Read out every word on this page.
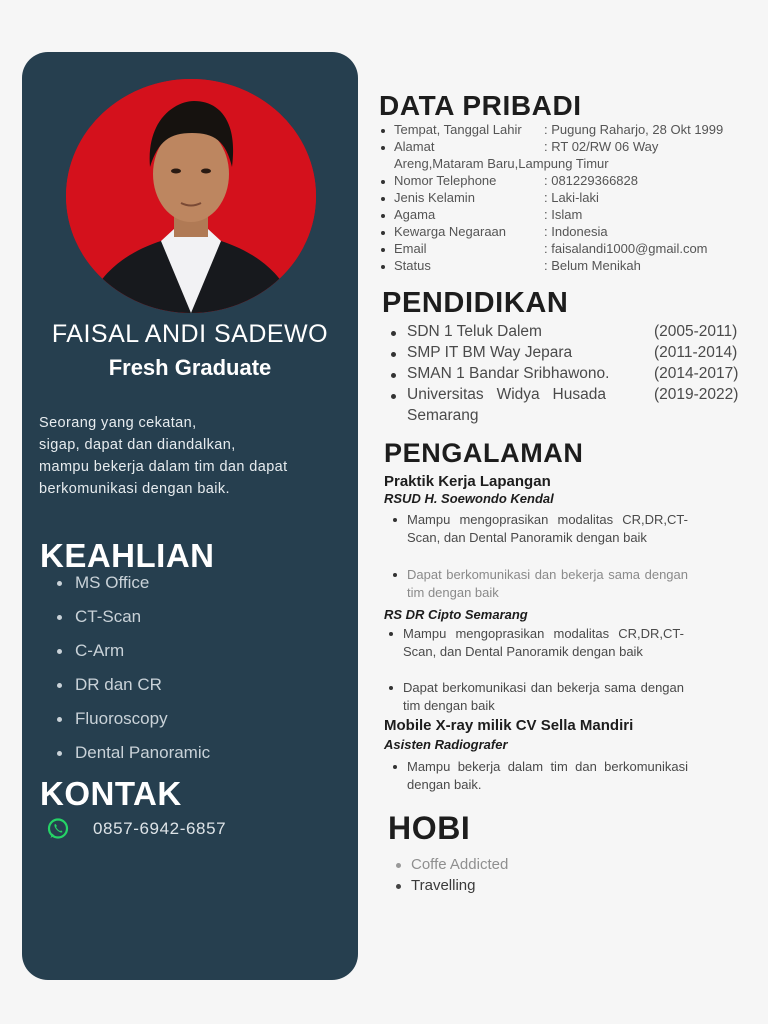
FAISAL ANDI SADEWO
Fresh Graduate
Seorang yang cekatan,
sigap, dapat dan diandalkan,
mampu bekerja dalam tim dan dapat
berkomunikasi dengan baik.
KEAHLIAN
MS Office
CT-Scan
C-Arm
DR dan CR
Fluoroscopy
Dental Panoramic
KONTAK
0857-6942-6857
DATA PRIBADI
Tempat, Tanggal Lahir : Pugung Raharjo, 28 Okt 1999
Alamat	: RT 02/RW 06 Way
Areng,Mataram Baru,Lampung Timur
Nomor Telephone	: 081229366828
Jenis Kelamin	: Laki-laki
Agama	: Islam
Kewarga Negaraan	: Indonesia
Email	: faisalandi1000@gmail.com
Status	: Belum Menikah
PENDIDIKAN
SDN 1 Teluk Dalem	(2005-2011)
SMP IT BM Way Jepara	(2011-2014)
SMAN 1 Bandar Sribhawono.	(2014-2017)
Universitas   Widya   Husada	(2019-2022)
Semarang
PENGALAMAN
Praktik Kerja Lapangan
RSUD H. Soewondo Kendal
Mampu mengoprasikan modalitas CR,DR,CT-Scan, dan Dental Panoramik dengan baik
Dapat berkomunikasi dan bekerja sama dengan tim dengan baik
RS DR Cipto Semarang
Mampu mengoprasikan modalitas CR,DR,CT-Scan, dan Dental Panoramik dengan baik
Dapat berkomunikasi dan bekerja sama dengan tim dengan baik
Mobile X-ray milik CV Sella Mandiri
Asisten Radiografer
Mampu bekerja dalam tim dan berkomunikasi dengan baik.
HOBI
Coffe Addicted
Travelling
